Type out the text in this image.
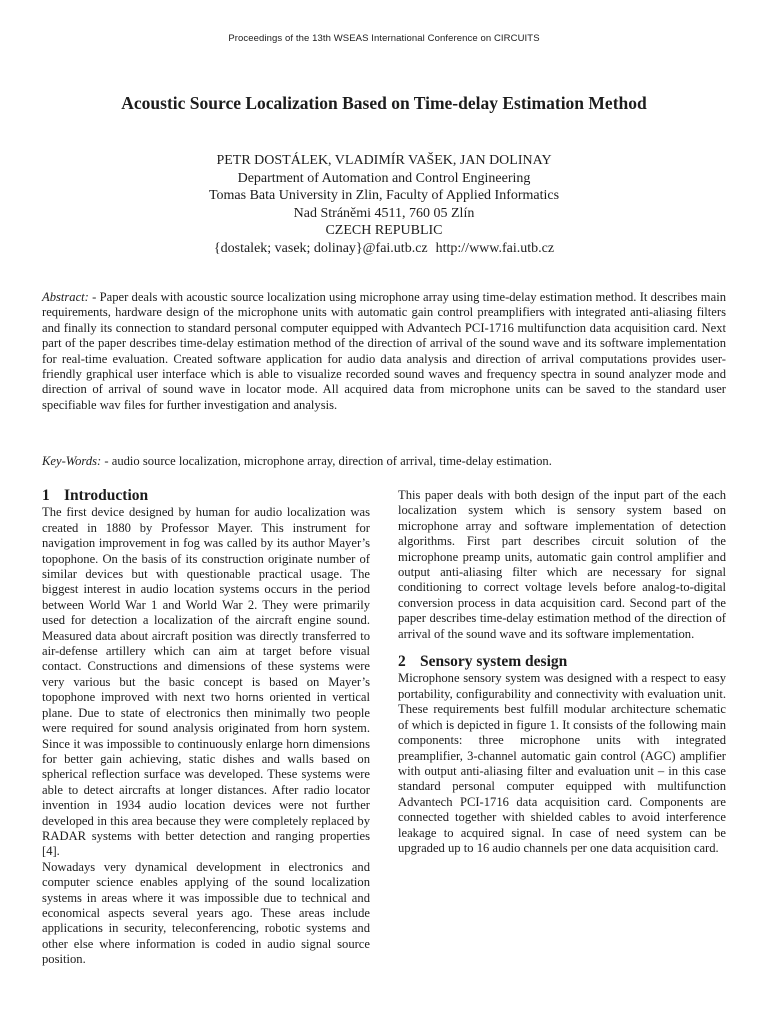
Proceedings of the 13th WSEAS International Conference on CIRCUITS
Acoustic Source Localization Based on Time-delay Estimation Method
PETR DOSTÁLEK, VLADIMÍR VAŠEK, JAN DOLINAY
Department of Automation and Control Engineering
Tomas Bata University in Zlin, Faculty of Applied Informatics
Nad Stráněmi 4511, 760 05 Zlín
CZECH REPUBLIC
{dostalek; vasek; dolinay}@fai.utb.cz http://www.fai.utb.cz
Abstract: - Paper deals with acoustic source localization using microphone array using time-delay estimation method. It describes main requirements, hardware design of the microphone units with automatic gain control preamplifiers with integrated anti-aliasing filters and finally its connection to standard personal computer equipped with Advantech PCI-1716 multifunction data acquisition card. Next part of the paper describes time-delay estimation method of the direction of arrival of the sound wave and its software implementation for real-time evaluation. Created software application for audio data analysis and direction of arrival computations provides user-friendly graphical user interface which is able to visualize recorded sound waves and frequency spectra in sound analyzer mode and direction of arrival of sound wave in locator mode. All acquired data from microphone units can be saved to the standard user specifiable wav files for further investigation and analysis.
Key-Words: - audio source localization, microphone array, direction of arrival, time-delay estimation.
1 Introduction

The first device designed by human for audio localization was created in 1880 by Professor Mayer. This instrument for navigation improvement in fog was called by its author Mayer’s topophone. On the basis of its construction originate number of similar devices but with questionable practical usage. The biggest interest in audio location systems occurs in the period between World War 1 and World War 2. They were primarily used for detection a localization of the aircraft engine sound. Measured data about aircraft position was directly transferred to air-defense artillery which can aim at target before visual contact. Constructions and dimensions of these systems were very various but the basic concept is based on Mayer’s topophone improved with next two horns oriented in vertical plane. Due to state of electronics then minimally two people were required for sound analysis originated from horn system. Since it was impossible to continuously enlarge horn dimensions for better gain achieving, static dishes and walls based on spherical reflection surface was developed. These systems were able to detect aircrafts at longer distances. After radio locator invention in 1934 audio location devices were not further developed in this area because they were completely replaced by RADAR systems with better detection and ranging properties [4].

Nowadays very dynamical development in electronics and computer science enables applying of the sound localization systems in areas where it was impossible due to technical and economical aspects several years ago. These areas include applications in security, teleconferencing, robotic systems and other else where information is coded in audio signal source position.

This paper deals with both design of the input part of the each localization system which is sensory system based on microphone array and software implementation of detection algorithms. First part describes circuit solution of the microphone preamp units, automatic gain control amplifier and output anti-aliasing filter which are necessary for signal conditioning to correct voltage levels before analog-to-digital conversion process in data acquisition card. Second part of the paper describes time-delay estimation method of the direction of arrival of the sound wave and its software implementation.

2 Sensory system design

Microphone sensory system was designed with a respect to easy portability, configurability and connectivity with evaluation unit. These requirements best fulfill modular architecture schematic of which is depicted in figure 1. It consists of the following main components: three microphone units with integrated preamplifier, 3-channel automatic gain control (AGC) amplifier with output anti-aliasing filter and evaluation unit – in this case standard personal computer equipped with multifunction Advantech PCI-1716 data acquisition card. Components are connected together with shielded cables to avoid interference leakage to acquired signal. In case of need system can be upgraded up to 16 audio channels per one data acquisition card.
